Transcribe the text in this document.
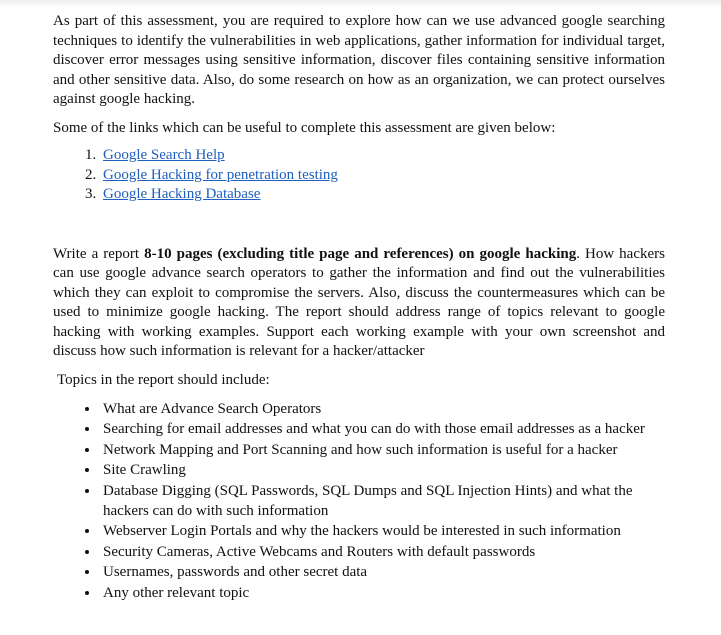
As part of this assessment, you are required to explore how can we use advanced google searching techniques to identify the vulnerabilities in web applications, gather information for individual target, discover error messages using sensitive information, discover files containing sensitive information and other sensitive data. Also, do some research on how as an organization, we can protect ourselves against google hacking.

Some of the links which can be useful to complete this assessment are given below:

1. Google Search Help
2. Google Hacking for penetration testing
3. Google Hacking Database

Write a report 8-10 pages (excluding title page and references) on google hacking. How hackers can use google advance search operators to gather the information and find out the vulnerabilities which they can exploit to compromise the servers. Also, discuss the countermeasures which can be used to minimize google hacking. The report should address range of topics relevant to google hacking with working examples. Support each working example with your own screenshot and discuss how such information is relevant for a hacker/attacker

Topics in the report should include:

• What are Advance Search Operators
• Searching for email addresses and what you can do with those email addresses as a hacker
• Network Mapping and Port Scanning and how such information is useful for a hacker
• Site Crawling
• Database Digging (SQL Passwords, SQL Dumps and SQL Injection Hints) and what the hackers can do with such information
• Webserver Login Portals and why the hackers would be interested in such information
• Security Cameras, Active Webcams and Routers with default passwords
• Usernames, passwords and other secret data
• Any other relevant topic
